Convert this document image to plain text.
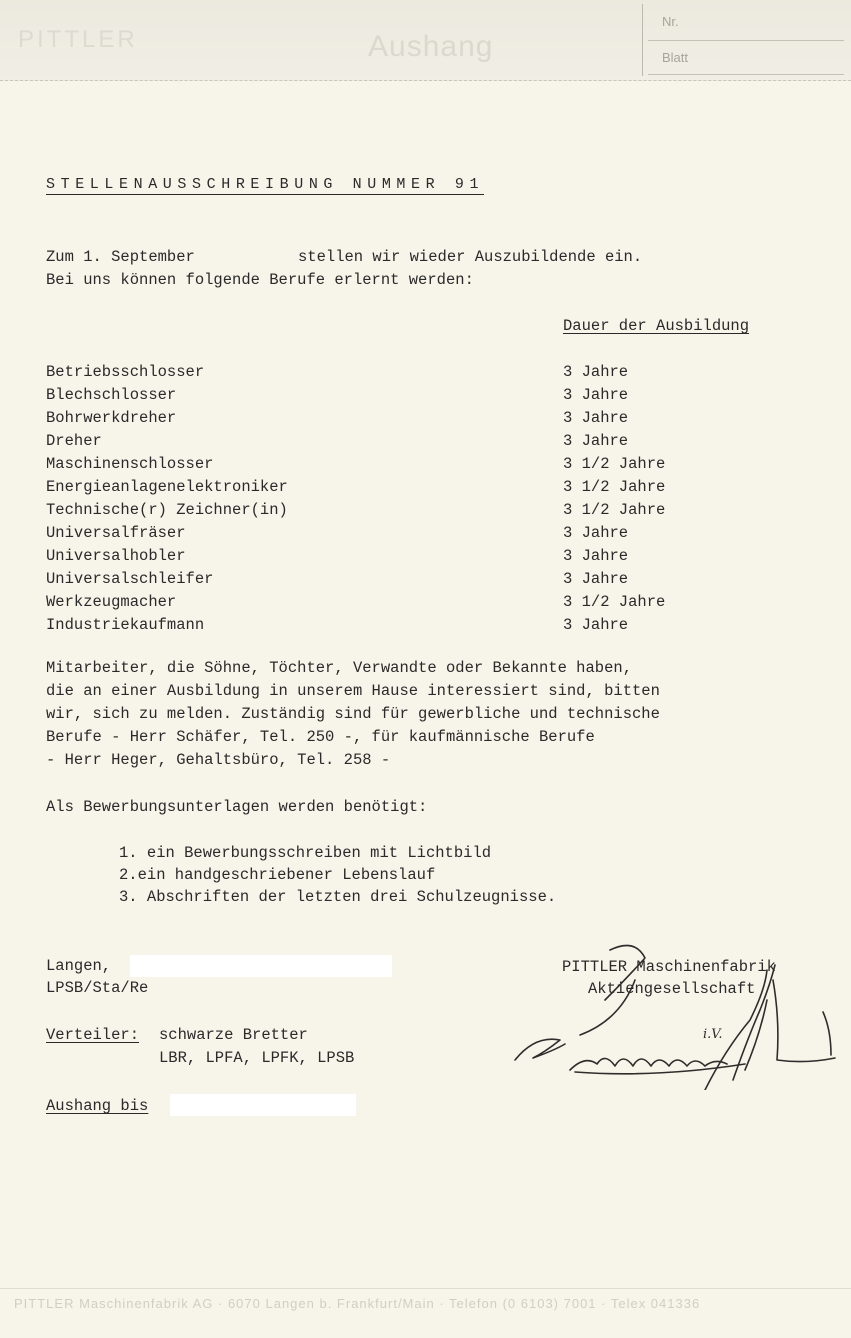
PITTLER	Aushang
Nr.
Blatt
STELLENAUSSCHREIBUNG NUMMER 91
Zum 1. September	stellen wir wieder Auszubildende ein.
Bei uns können folgende Berufe erlernt werden:
Dauer der Ausbildung
Betriebsschlosser
Blechschlosser
Bohrwerkdreher
Dreher
Maschinenschlosser
Energieanlagenelektroniker
Technische(r) Zeichner(in)
Universalfräser
Universalhobler
Universalschleifer
Werkzeugmacher
Industriekaufmann
3 Jahre
3 Jahre
3 Jahre
3 Jahre
3 1/2 Jahre
3 1/2 Jahre
3 1/2 Jahre
3 Jahre
3 Jahre
3 Jahre
3 1/2 Jahre
3 Jahre
Mitarbeiter, die Söhne, Töchter, Verwandte oder Bekannte haben,
die an einer Ausbildung in unserem Hause interessiert sind, bitten
wir, sich zu melden. Zuständig sind für gewerbliche und technische
Berufe - Herr Schäfer, Tel. 250 -, für kaufmännische Berufe
- Herr Heger, Gehaltsbüro, Tel. 258 -
Als Bewerbungsunterlagen werden benötigt:
1. ein Bewerbungsschreiben mit Lichtbild
2.ein handgeschriebener Lebenslauf
3. Abschriften der letzten drei Schulzeugnisse.
Langen,
LPSB/Sta/Re
Verteiler: schwarze Bretter
LBR, LPFA, LPFK, LPSB
Aushang bis
PITTLER Maschinenfabrik
Aktiengesellschaft
i.V.
PITTLER Maschinenfabrik AG · 6070 Langen b. Frankfurt/Main · Telefon (0 6103) 7001 · Telex 041336
